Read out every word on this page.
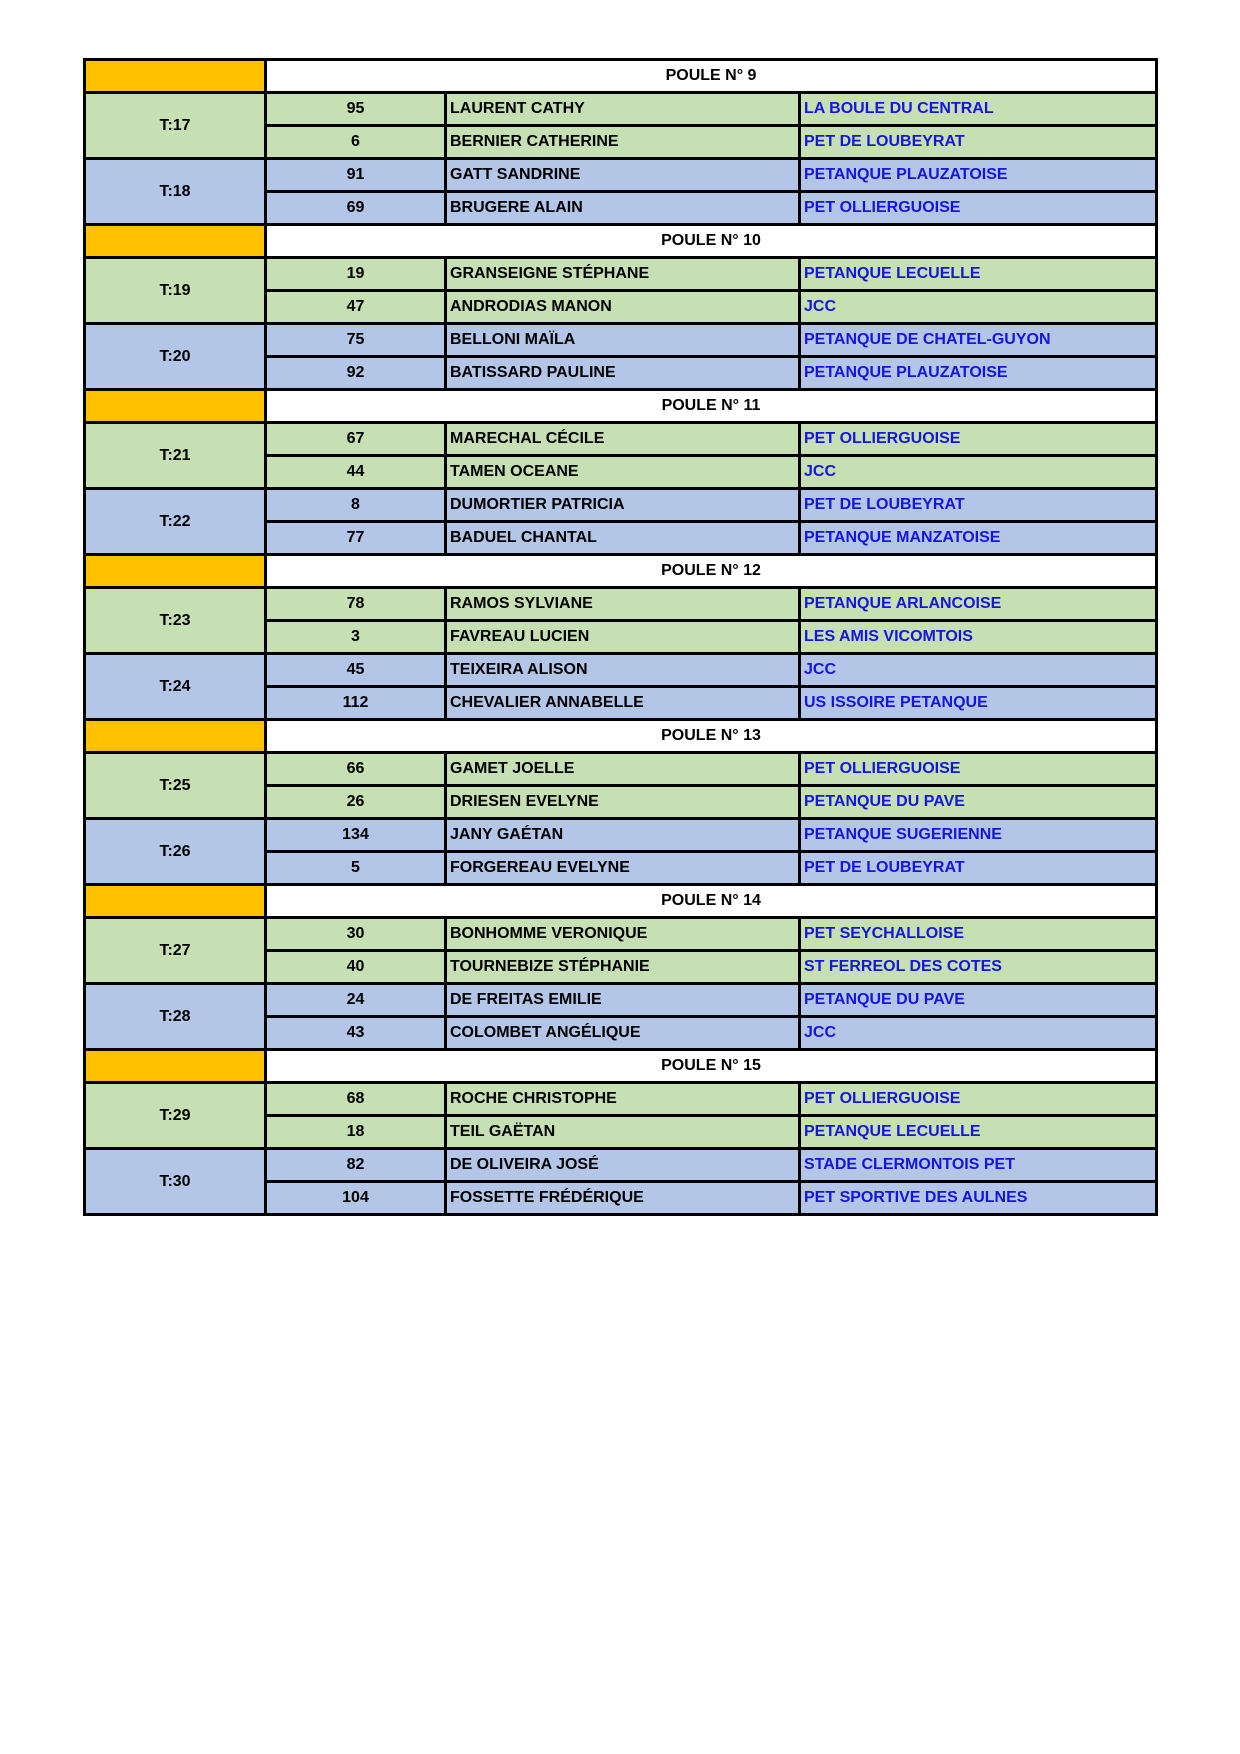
	POULE N° 9		
T:17	95	LAURENT CATHY	LA BOULE DU CENTRAL
	6	BERNIER CATHERINE	PET DE LOUBEYRAT
T:18	91	GATT SANDRINE	PETANQUE PLAUZATOISE
	69	BRUGERE ALAIN	PET OLLIERGUOISE
	POULE N° 10		
T:19	19	GRANSEIGNE STÉPHANE	PETANQUE LECUELLE
	47	ANDRODIAS MANON	JCC
T:20	75	BELLONI MAÏLA	PETANQUE DE CHATEL-GUYON
	92	BATISSARD PAULINE	PETANQUE PLAUZATOISE
	POULE N° 11		
T:21	67	MARECHAL CÉCILE	PET OLLIERGUOISE
	44	TAMEN OCEANE	JCC
T:22	8	DUMORTIER PATRICIA	PET DE LOUBEYRAT
	77	BADUEL CHANTAL	PETANQUE MANZATOISE
	POULE N° 12		
T:23	78	RAMOS SYLVIANE	PETANQUE ARLANCOISE
	3	FAVREAU LUCIEN	LES AMIS VICOMTOIS
T:24	45	TEIXEIRA ALISON	JCC
	112	CHEVALIER ANNABELLE	US ISSOIRE PETANQUE
	POULE N° 13		
T:25	66	GAMET JOELLE	PET OLLIERGUOISE
	26	DRIESEN EVELYNE	PETANQUE DU PAVE
T:26	134	JANY GAÉTAN	PETANQUE SUGERIENNE
	5	FORGEREAU EVELYNE	PET DE LOUBEYRAT
	POULE N° 14		
T:27	30	BONHOMME VERONIQUE	PET SEYCHALLOISE
	40	TOURNEBIZE STÉPHANIE	ST FERREOL DES COTES
T:28	24	DE FREITAS EMILIE	PETANQUE DU PAVE
	43	COLOMBET ANGÉLIQUE	JCC
	POULE N° 15		
T:29	68	ROCHE CHRISTOPHE	PET OLLIERGUOISE
	18	TEIL GAËTAN	PETANQUE LECUELLE
T:30	82	DE OLIVEIRA JOSÉ	STADE CLERMONTOIS PET
	104	FOSSETTE FRÉDÉRIQUE	PET SPORTIVE DES AULNES
